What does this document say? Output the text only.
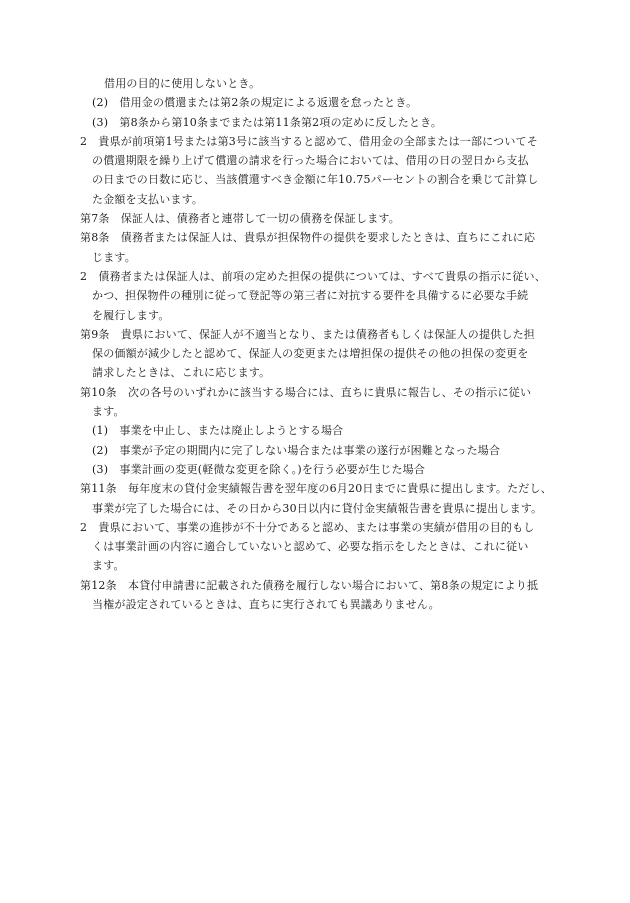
借用の目的に使用しないとき。
(2)　借用金の償還または第2条の規定による返還を怠ったとき。
(3)　第8条から第10条までまたは第11条第2項の定めに反したとき。
2　貴県が前項第1号または第3号に該当すると認めて、借用金の全部または一部についてそ
の償還期限を繰り上げて償還の請求を行った場合においては、借用の日の翌日から支払
の日までの日数に応じ、当該償還すべき金額に年10.75パーセントの割合を乗じて計算し
た金額を支払います。
第7条　保証人は、債務者と連帯して一切の債務を保証します。
第8条　債務者または保証人は、貴県が担保物件の提供を要求したときは、直ちにこれに応
じます。
2　債務者または保証人は、前項の定めた担保の提供については、すべて貴県の指示に従い、
かつ、担保物件の種別に従って登記等の第三者に対抗する要件を具備するに必要な手続
を履行します。
第9条　貴県において、保証人が不適当となり、または債務者もしくは保証人の提供した担
保の価額が減少したと認めて、保証人の変更または増担保の提供その他の担保の変更を
請求したときは、これに応じます。
第10条　次の各号のいずれかに該当する場合には、直ちに貴県に報告し、その指示に従い
ます。
(1)　事業を中止し、または廃止しようとする場合
(2)　事業が予定の期間内に完了しない場合または事業の遂行が困難となった場合
(3)　事業計画の変更(軽微な変更を除く。)を行う必要が生じた場合
第11条　毎年度末の貸付金実績報告書を翌年度の6月20日までに貴県に提出します。ただし、
事業が完了した場合には、その日から30日以内に貸付金実績報告書を貴県に提出します。
2　貴県において、事業の進捗が不十分であると認め、または事業の実績が借用の目的もし
くは事業計画の内容に適合していないと認めて、必要な指示をしたときは、これに従い
ます。
第12条　本貸付申請書に記載された債務を履行しない場合において、第8条の規定により抵
当権が設定されているときは、直ちに実行されても異議ありません。
